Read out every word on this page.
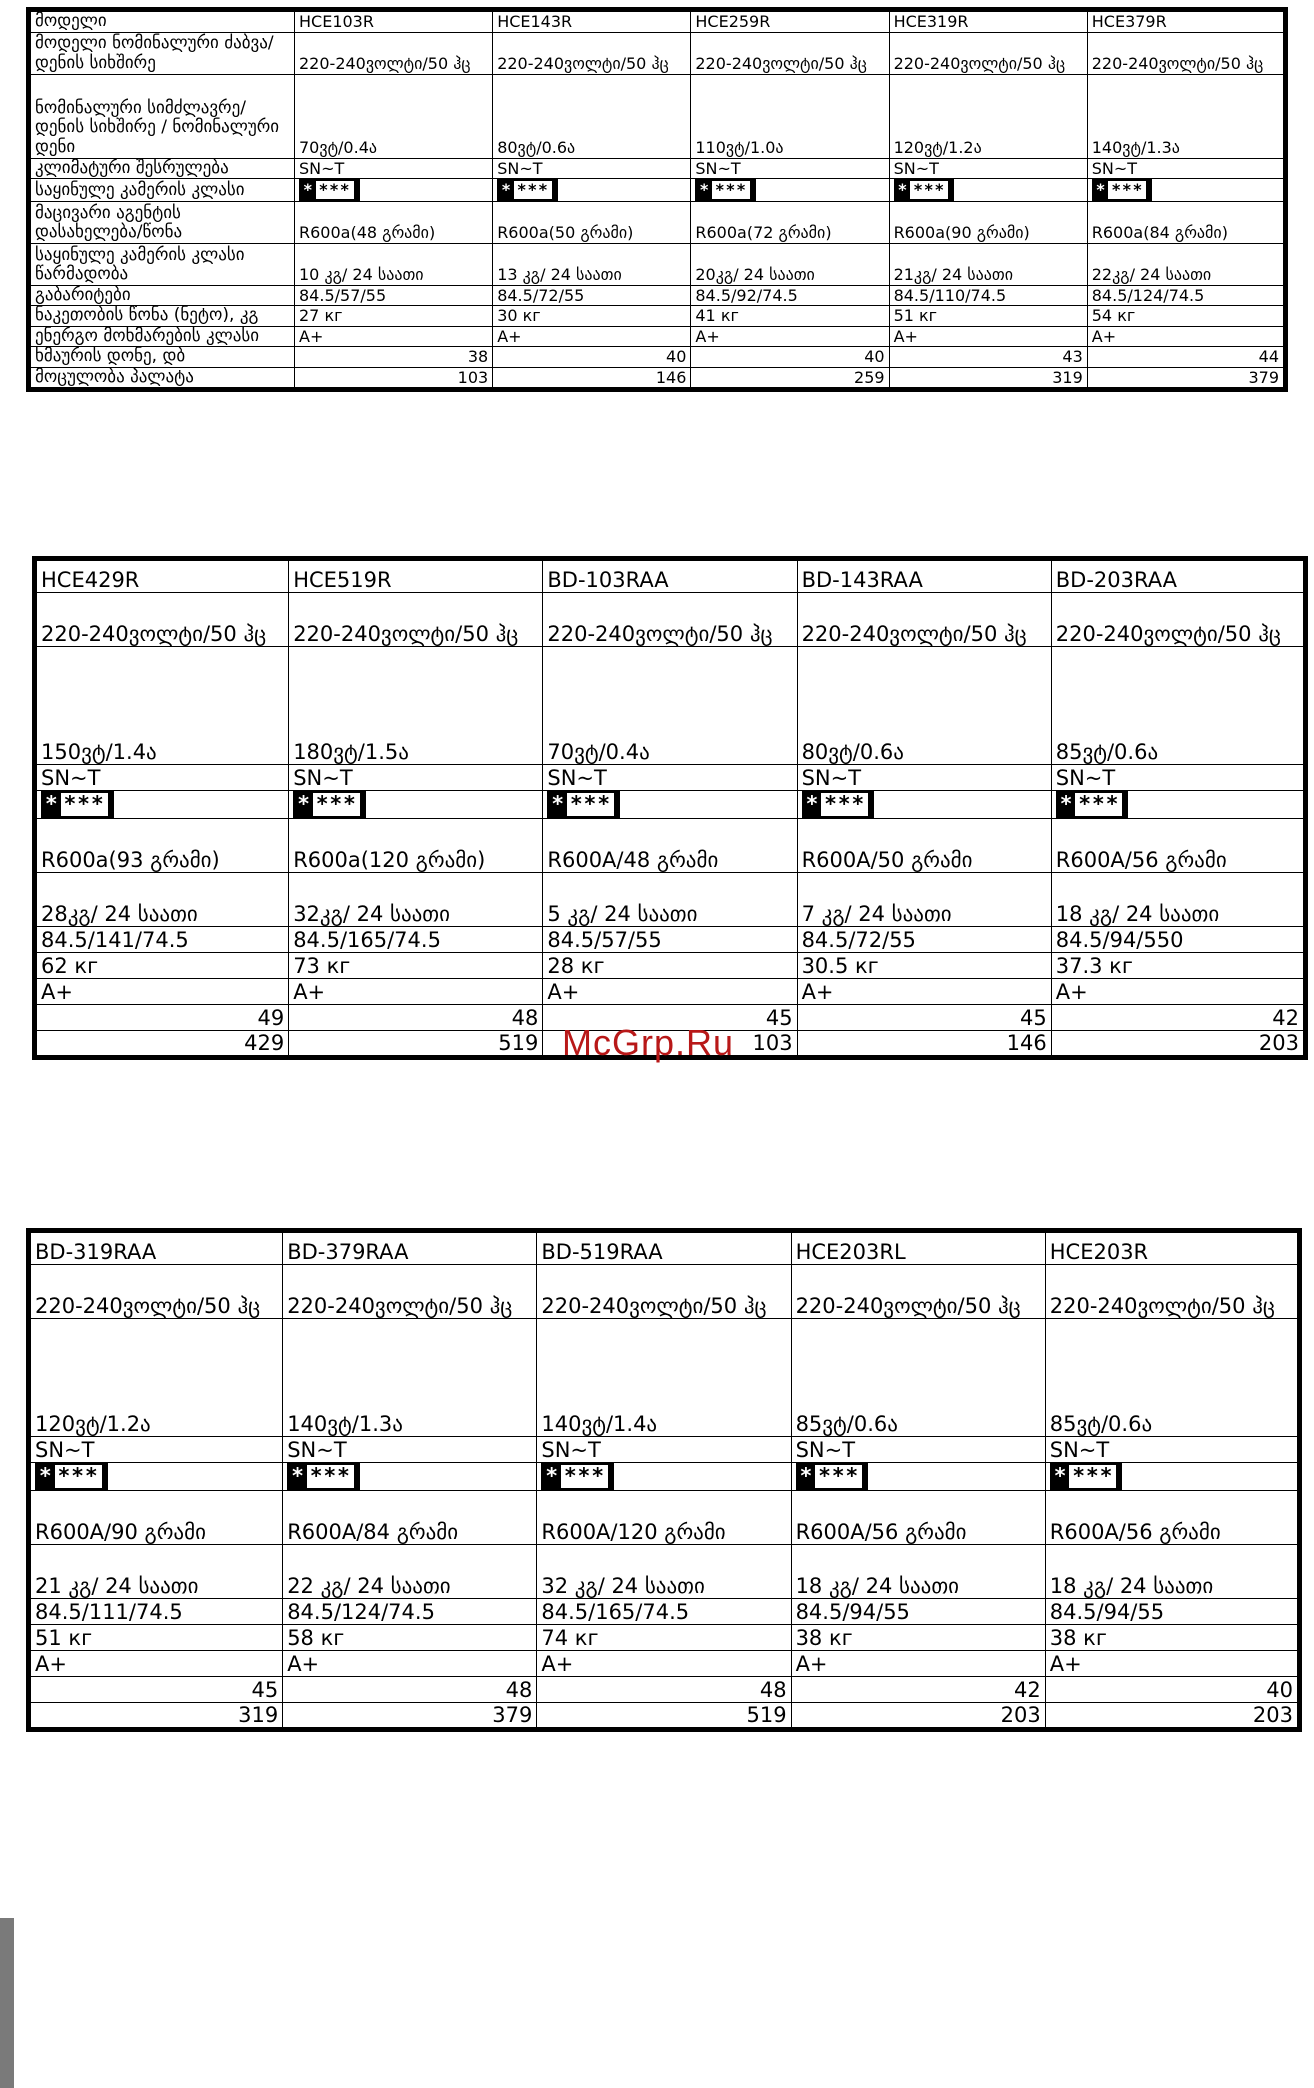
მოდელი	HCE103R	HCE143R	HCE259R	HCE319R	HCE379R
მოდელი ნომინალური ძაბვა/დენის სიხშირე	220-240ვოლტი/50 ჰც	220-240ვოლტი/50 ჰც	220-240ვოლტი/50 ჰც	220-240ვოლტი/50 ჰც	220-240ვოლტი/50 ჰც
ნომინალური სიმძლავრე/დენის სიხშირე / ნომინალური დენი	70ვტ/0.4ა	80ვტ/0.6ა	110ვტ/1.0ა	120ვტ/1.2ა	140ვტ/1.3ა
კლიმატური შესრულება	SN~T	SN~T	SN~T	SN~T	SN~T
საყინულე კამერის კლასი	* ***	* ***	* ***	* ***	* ***
მაცივარი აგენტის დასახელება/წონა	R600a(48 გრამი)	R600a(50 გრამი)	R600a(72 გრამი)	R600a(90 გრამი)	R600a(84 გრამი)
საყინულე კამერის კლასი წარმადობა	10 კგ/ 24 საათი	13 კგ/ 24 საათი	20კგ/ 24 საათი	21კგ/ 24 საათი	22კგ/ 24 საათი
გაბარიტები	84.5/57/55	84.5/72/55	84.5/92/74.5	84.5/110/74.5	84.5/124/74.5
ნაკეთობის წონა (ნეტო), კგ	27 кг	30 кг	41 кг	51 кг	54 кг
ენერგო მოხმარების კლასი	A+	A+	A+	A+	A+
ხმაურის დონე, დბ	38	40	40	43	44
მოცულობა პალატა	103	146	259	319	379
HCE429R	HCE519R	BD-103RAA	BD-143RAA	BD-203RAA
220-240ვოლტი/50 ჰც	220-240ვოლტი/50 ჰც	220-240ვოლტი/50 ჰც	220-240ვოლტი/50 ჰც	220-240ვოლტი/50 ჰც
150ვტ/1.4ა	180ვტ/1.5ა	70ვტ/0.4ა	80ვტ/0.6ა	85ვტ/0.6ა
SN~T	SN~T	SN~T	SN~T	SN~T
* ***	* ***	* ***	* ***	* ***
R600a(93 გრამი)	R600a(120 გრამი)	R600A/48 გრამი	R600A/50 გრამი	R600A/56 გრამი
28კგ/ 24 საათი	32კგ/ 24 საათი	5 კგ/ 24 საათი	7 კგ/ 24 საათი	18 კგ/ 24 საათი
84.5/141/74.5	84.5/165/74.5	84.5/57/55	84.5/72/55	84.5/94/550
62 кг	73 кг	28 кг	30.5 кг	37.3 кг
A+	A+	A+	A+	A+
49	48	45	45	42
429	519	103	146	203
BD-319RAA	BD-379RAA	BD-519RAA	HCE203RL	HCE203R
220-240ვოლტი/50 ჰც	220-240ვოლტი/50 ჰც	220-240ვოლტი/50 ჰც	220-240ვოლტი/50 ჰც	220-240ვოლტი/50 ჰც
120ვტ/1.2ა	140ვტ/1.3ა	140ვტ/1.4ა	85ვტ/0.6ა	85ვტ/0.6ა
SN~T	SN~T	SN~T	SN~T	SN~T
* ***	* ***	* ***	* ***	* ***
R600A/90 გრამი	R600A/84 გრამი	R600A/120 გრამი	R600A/56 გრამი	R600A/56 გრამი
21 კგ/ 24 საათი	22 კგ/ 24 საათი	32 კგ/ 24 საათი	18 კგ/ 24 საათი	18 კგ/ 24 საათი
84.5/111/74.5	84.5/124/74.5	84.5/165/74.5	84.5/94/55	84.5/94/55
51 кг	58 кг	74 кг	38 кг	38 кг
A+	A+	A+	A+	A+
45	48	48	42	40
319	379	519	203	203
McGrp.Ru
